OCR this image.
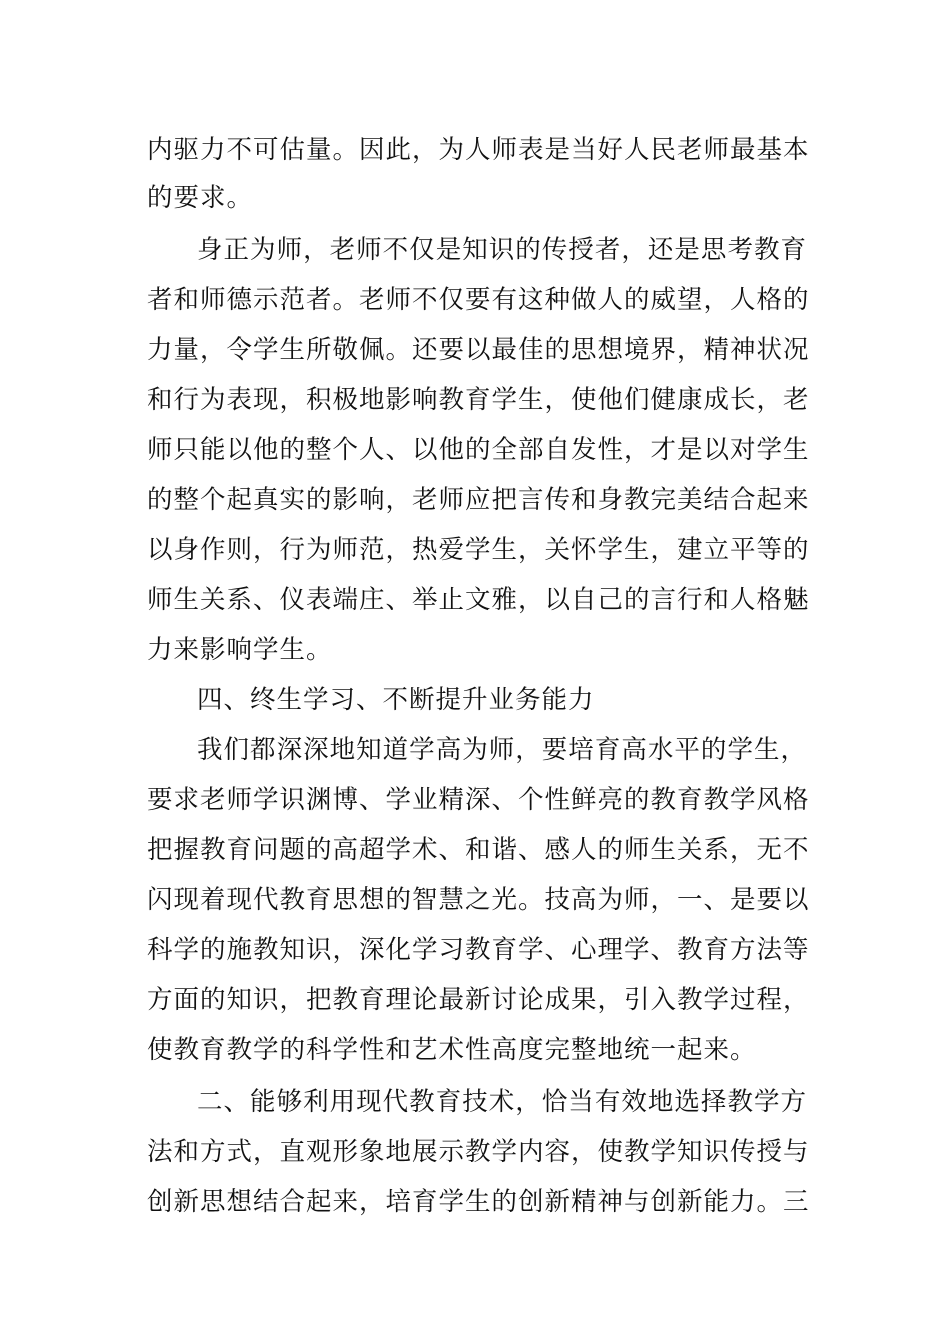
内驱力不可估量。因此，为人师表是当好人民老师最基本
的要求。
身正为师，老师不仅是知识的传授者，还是思考教育
者和师德示范者。老师不仅要有这种做人的威望，人格的
力量，令学生所敬佩。还要以最佳的思想境界，精神状况
和行为表现，积极地影响教育学生，使他们健康成长，老
师只能以他的整个人、以他的全部自发性，才是以对学生
的整个起真实的影响，老师应把言传和身教完美结合起来
以身作则，行为师范，热爱学生，关怀学生，建立平等的
师生关系、仪表端庄、举止文雅，以自己的言行和人格魅
力来影响学生。
四、终生学习、不断提升业务能力
我们都深深地知道学高为师，要培育高水平的学生，
要求老师学识渊博、学业精深、个性鲜亮的教育教学风格
把握教育问题的高超学术、和谐、感人的师生关系，无不
闪现着现代教育思想的智慧之光。技高为师，一、是要以
科学的施教知识，深化学习教育学、心理学、教育方法等
方面的知识，把教育理论最新讨论成果，引入教学过程，
使教育教学的科学性和艺术性高度完整地统一起来。
二、能够利用现代教育技术，恰当有效地选择教学方
法和方式，直观形象地展示教学内容，使教学知识传授与
创新思想结合起来，培育学生的创新精神与创新能力。三
